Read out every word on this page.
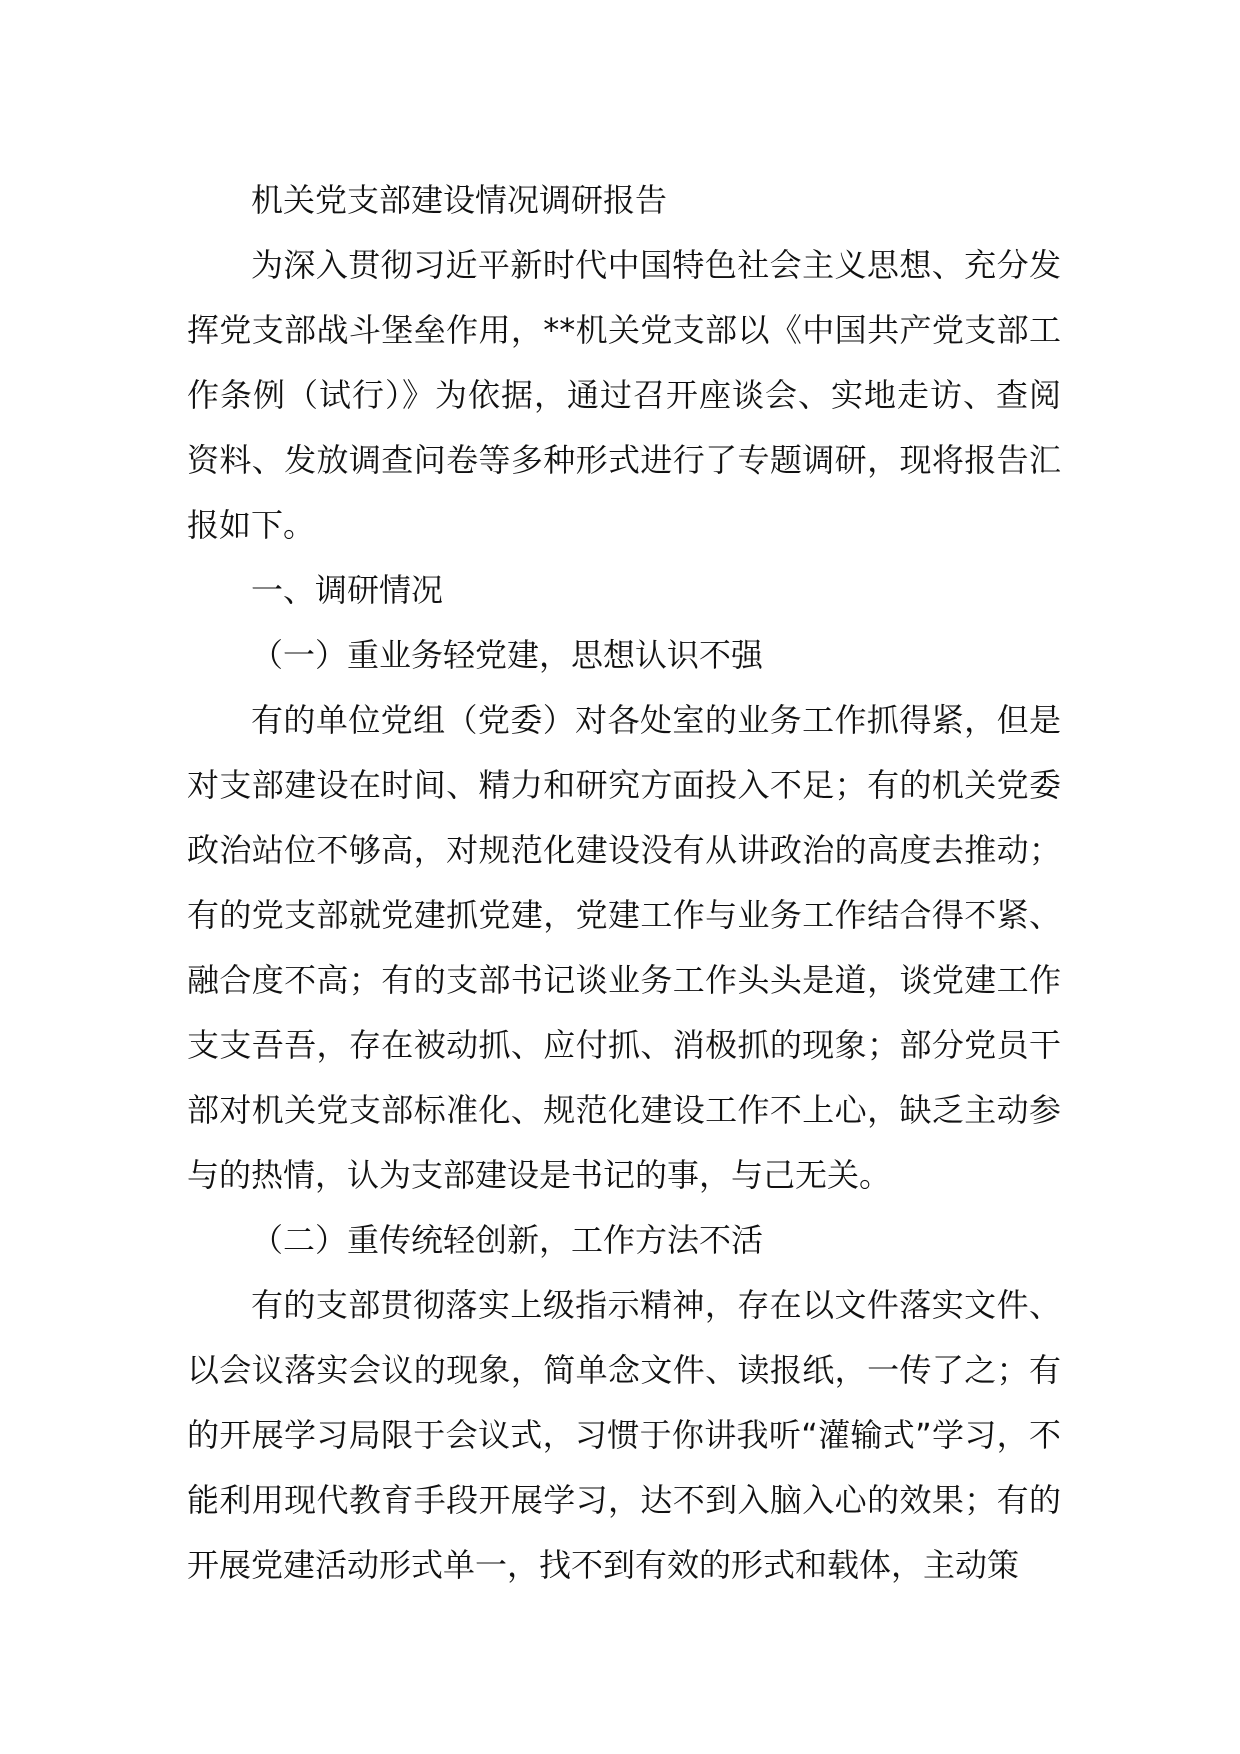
机关党支部建设情况调研报告

为深入贯彻习近平新时代中国特色社会主义思想、充分发挥党支部战斗堡垒作用，**机关党支部以《中国共产党支部工作条例（试行）》为依据，通过召开座谈会、实地走访、查阅资料、发放调查问卷等多种形式进行了专题调研，现将报告汇报如下。

一、调研情况

（一）重业务轻党建，思想认识不强

有的单位党组（党委）对各处室的业务工作抓得紧，但是对支部建设在时间、精力和研究方面投入不足；有的机关党委政治站位不够高，对规范化建设没有从讲政治的高度去推动；有的党支部就党建抓党建，党建工作与业务工作结合得不紧、融合度不高；有的支部书记谈业务工作头头是道，谈党建工作支支吾吾，存在被动抓、应付抓、消极抓的现象；部分党员干部对机关党支部标准化、规范化建设工作不上心，缺乏主动参与的热情，认为支部建设是书记的事，与己无关。

（二）重传统轻创新，工作方法不活

有的支部贯彻落实上级指示精神，存在以文件落实文件、以会议落实会议的现象，简单念文件、读报纸，一传了之；有的开展学习局限于会议式，习惯于你讲我听“灌输式”学习，不能利用现代教育手段开展学习，达不到入脑入心的效果；有的开展党建活动形式单一，找不到有效的形式和载体，主动策
